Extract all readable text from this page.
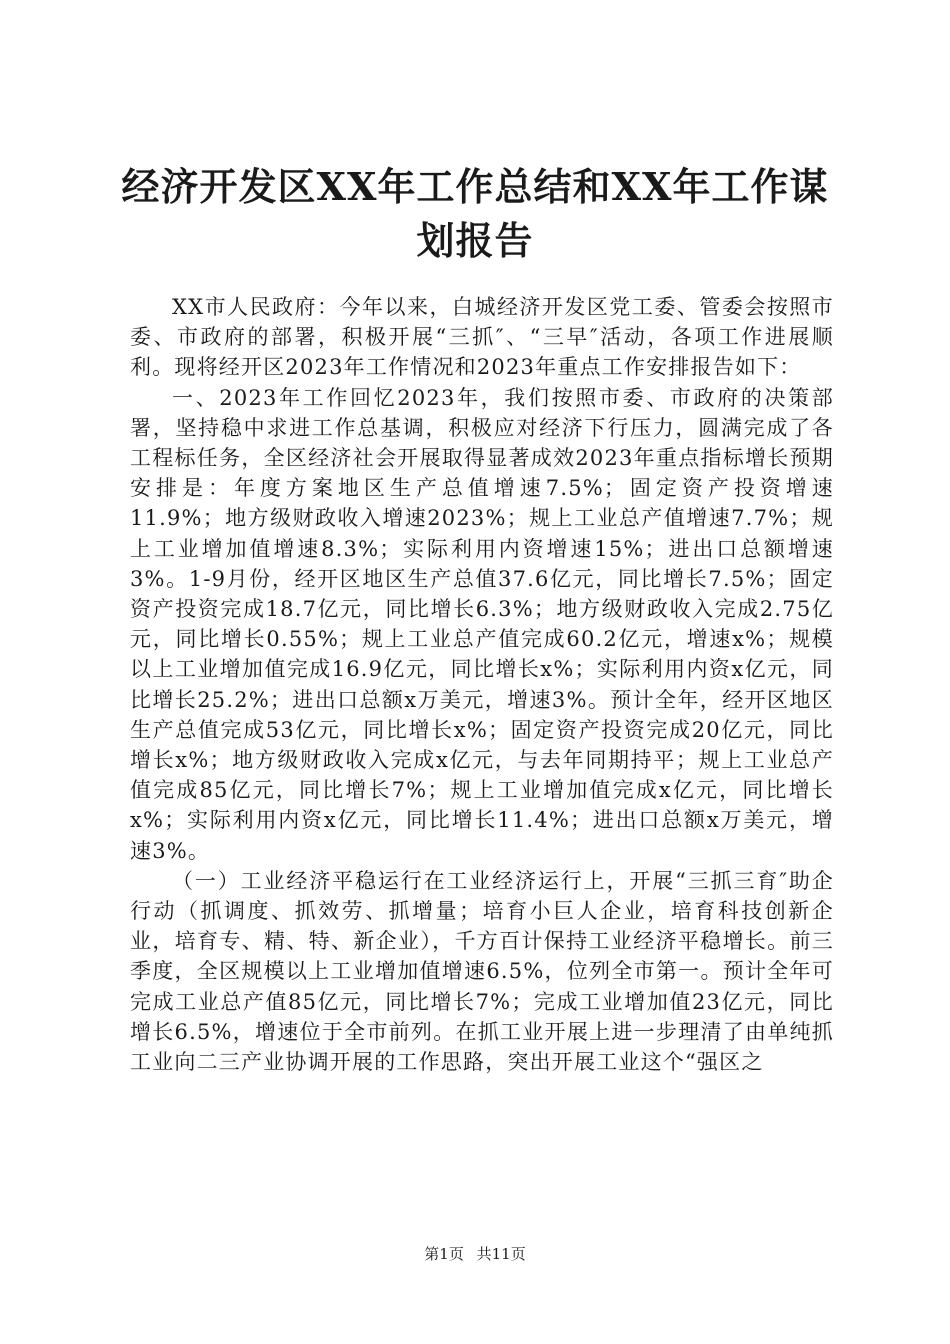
经济开发区XX年工作总结和XX年工作谋划报告

XX市人民政府：今年以来，白城经济开发区党工委、管委会按照市委、市政府的部署，积极开展“三抓″、“三早″活动，各项工作进展顺利。现将经开区2023年工作情况和2023年重点工作安排报告如下：

一、2023年工作回忆2023年，我们按照市委、市政府的决策部署，坚持稳中求进工作总基调，积极应对经济下行压力，圆满完成了各工程标任务，全区经济社会开展取得显著成效2023年重点指标增长预期安排是：年度方案地区生产总值增速7.5%；固定资产投资增速11.9%；地方级财政收入增速2023%；规上工业总产值增速7.7%；规上工业增加值增速8.3%；实际利用内资增速15%；进出口总额增速3%。1-9月份，经开区地区生产总值37.6亿元，同比增长7.5%；固定资产投资完成18.7亿元，同比增长6.3%；地方级财政收入完成2.75亿元，同比增长0.55%；规上工业总产值完成60.2亿元，增速x%；规模以上工业增加值完成16.9亿元，同比增长x%；实际利用内资x亿元，同比增长25.2%；进出口总额x万美元，增速3%。预计全年，经开区地区生产总值完成53亿元，同比增长x%；固定资产投资完成20亿元，同比增长x%；地方级财政收入完成x亿元，与去年同期持平；规上工业总产值完成85亿元，同比增长7%；规上工业增加值完成x亿元，同比增长x%；实际利用内资x亿元，同比增长11.4%；进出口总额x万美元，增速3%。

（一）工业经济平稳运行在工业经济运行上，开展“三抓三育″助企行动（抓调度、抓效劳、抓增量；培育小巨人企业，培育科技创新企业，培育专、精、特、新企业），千方百计保持工业经济平稳增长。前三季度，全区规模以上工业增加值增速6.5%，位列全市第一。预计全年可完成工业总产值85亿元，同比增长7%；完成工业增加值23亿元，同比增长6.5%，增速位于全市前列。在抓工业开展上进一步理清了由单纯抓工业向二三产业协调开展的工作思路，突出开展工业这个“强区之

第1页 共11页
